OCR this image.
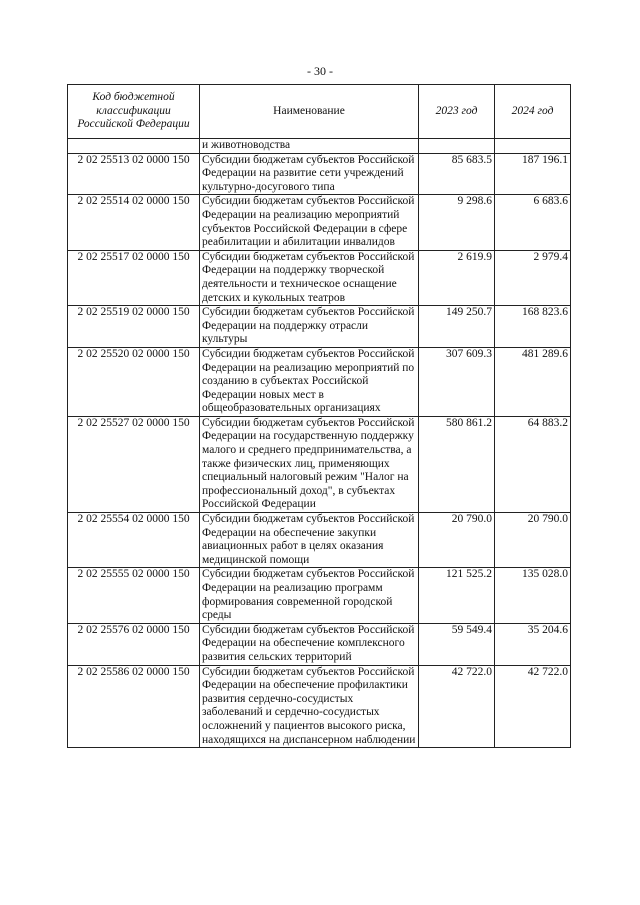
- 30 -
Код бюджетной классификации Российской Федерации	Наименование	2023 год	2024 год
	и животноводства		
2 02 25513 02 0000 150	Субсидии бюджетам субъектов Российской Федерации на развитие сети учреждений культурно-досугового типа	85 683.5	187 196.1
2 02 25514 02 0000 150	Субсидии бюджетам субъектов Российской Федерации на реализацию мероприятий субъектов Российской Федерации в сфере реабилитации и абилитации инвалидов	9 298.6	6 683.6
2 02 25517 02 0000 150	Субсидии бюджетам субъектов Российской Федерации на поддержку творческой деятельности и техническое оснащение детских и кукольных театров	2 619.9	2 979.4
2 02 25519 02 0000 150	Субсидии бюджетам субъектов Российской Федерации на поддержку отрасли культуры	149 250.7	168 823.6
2 02 25520 02 0000 150	Субсидии бюджетам субъектов Российской Федерации на реализацию мероприятий по созданию в субъектах Российской Федерации новых мест в общеобразовательных организациях	307 609.3	481 289.6
2 02 25527 02 0000 150	Субсидии бюджетам субъектов Российской Федерации на государственную поддержку малого и среднего предпринимательства, а также физических лиц, применяющих специальный налоговый режим "Налог на профессиональный доход", в субъектах Российской Федерации	580 861.2	64 883.2
2 02 25554 02 0000 150	Субсидии бюджетам субъектов Российской Федерации на обеспечение закупки авиационных работ в целях оказания медицинской помощи	20 790.0	20 790.0
2 02 25555 02 0000 150	Субсидии бюджетам субъектов Российской Федерации на реализацию программ формирования современной городской среды	121 525.2	135 028.0
2 02 25576 02 0000 150	Субсидии бюджетам субъектов Российской Федерации на обеспечение комплексного развития сельских территорий	59 549.4	35 204.6
2 02 25586 02 0000 150	Субсидии бюджетам субъектов Российской Федерации на обеспечение профилактики развития сердечно-сосудистых заболеваний и сердечно-сосудистых осложнений у пациентов высокого риска, находящихся на диспансерном наблюдении	42 722.0	42 722.0
